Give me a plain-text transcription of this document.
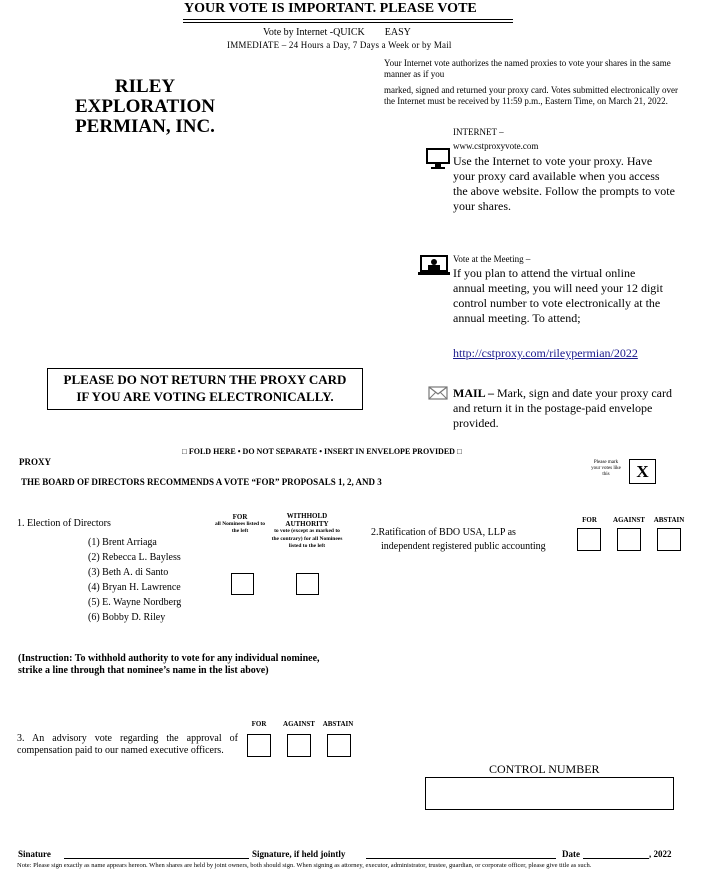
YOUR VOTE IS IMPORTANT. PLEASE VOTE
Vote by Internet -QUICK        EASY
IMMEDIATE – 24 Hours a Day, 7 Days a Week or by Mail
RILEY
EXPLORATION
PERMIAN, INC.
Your Internet vote authorizes the named proxies to vote your shares in the same manner as if you
marked, signed and returned your proxy card. Votes submitted electronically over the Internet must be received by 11:59 p.m., Eastern Time, on March 21, 2022.
INTERNET –
www.cstproxyvote.com
Use the Internet to vote your proxy. Have your proxy card available when you access the above website. Follow the prompts to vote your shares.
Vote at the Meeting –
If you plan to attend the virtual online annual meeting, you will need your 12 digit control number to vote electronically at the annual meeting. To attend;
http://cstproxy.com/rileypermian/2022
PLEASE DO NOT RETURN THE PROXY CARD
IF YOU ARE VOTING ELECTRONICALLY.	MAIL – Mark, sign and date your proxy card and return it in the postage-paid envelope provided.
□ FOLD HERE • DO NOT SEPARATE • INSERT IN ENVELOPE PROVIDED □
PROXY
THE BOARD OF DIRECTORS RECOMMENDS A VOTE “FOR” PROPOSALS 1, 2, AND 3
Please mark your votes like this	X
1. Election of Directors
FOR
all Nominees listed to the left
WITHHOLD AUTHORITY
to vote (except as marked to the contrary) for all Nominees listed to the left
(1) Brent Arriaga
(2) Rebecca L. Bayless
(3) Beth A. di Santo
(4) Bryan H. Lawrence
(5) E. Wayne Nordberg
(6) Bobby D. Riley
2.Ratification of BDO USA, LLP as
independent registered public accounting
FOR	AGAINST	ABSTAIN
(Instruction: To withhold authority to vote for any individual nominee,
strike a line through that nominee’s name in the list above)
3. An advisory vote regarding the approval of compensation paid to our named executive officers.
FOR	AGAINST	ABSTAIN
CONTROL NUMBER
Sinature	Signature, if held jointly	Date	, 2022
Note: Please sign exactly as name appears hereon. When shares are held by joint owners, both should sign. When signing as attorney, executor, administrator, trustee, guardian, or corporate officer, please give title as such.
